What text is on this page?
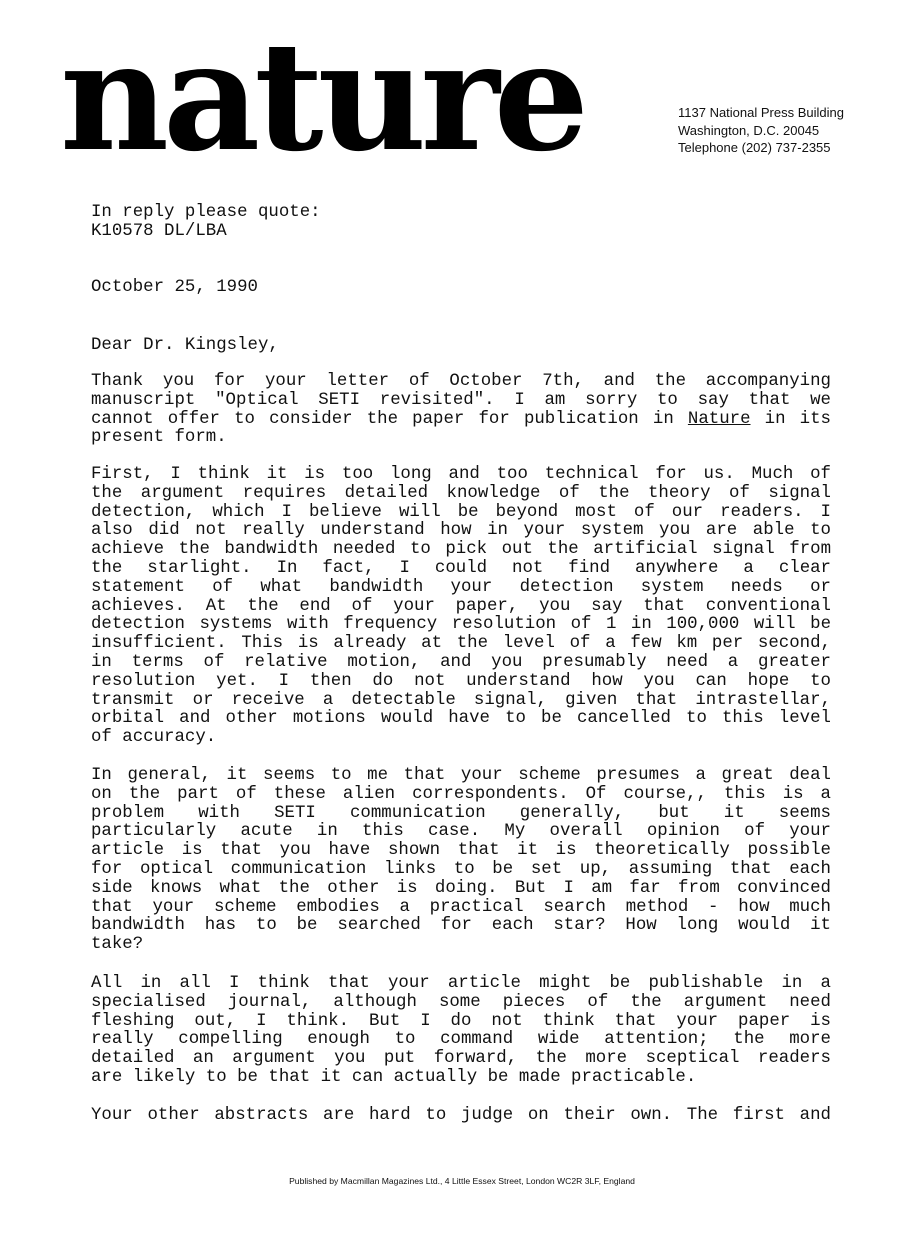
nature	1137 National Press Building
Washington, D.C. 20045
Telephone (202) 737-2355
In reply please quote:
K10578 DL/LBA
October 25, 1990
Dear Dr. Kingsley,
Thank you for your letter of October 7th, and the accompanying
manuscript "Optical SETI revisited". I am sorry to say that we
cannot offer to consider the paper for publication in Nature in its
present form.
First, I think it is too long and too technical for us. Much of
the argument requires detailed knowledge of the theory of signal
detection, which I believe will be beyond most of our readers. I
also did not really understand how in your system you are able to
achieve the bandwidth needed to pick out the artificial signal from
the starlight. In fact, I could not find anywhere a clear
statement of what bandwidth your detection system needs or
achieves. At the end of your paper, you say that conventional
detection systems with frequency resolution of 1 in 100,000 will be
insufficient. This is already at the level of a few km per second,
in terms of relative motion, and you presumably need a greater
resolution yet. I then do not understand how you can hope to
transmit or receive a detectable signal, given that intrastellar,
orbital and other motions would have to be cancelled to this level
of accuracy.
In general, it seems to me that your scheme presumes a great deal
on the part of these alien correspondents. Of course,, this is a
problem with SETI communication generally, but it seems
particularly acute in this case. My overall opinion of your
article is that you have shown that it is theoretically possible
for optical communication links to be set up, assuming that each
side knows what the other is doing. But I am far from convinced
that your scheme embodies a practical search method - how much
bandwidth has to be searched for each star? How long would it
take?
All in all I think that your article might be publishable in a
specialised journal, although some pieces of the argument need
fleshing out, I think. But I do not think that your paper is
really compelling enough to command wide attention; the more
detailed an argument you put forward, the more sceptical readers
are likely to be that it can actually be made practicable.
Your other abstracts are hard to judge on their own. The first and
Published by Macmillan Magazines Ltd., 4 Little Essex Street, London WC2R 3LF, England
